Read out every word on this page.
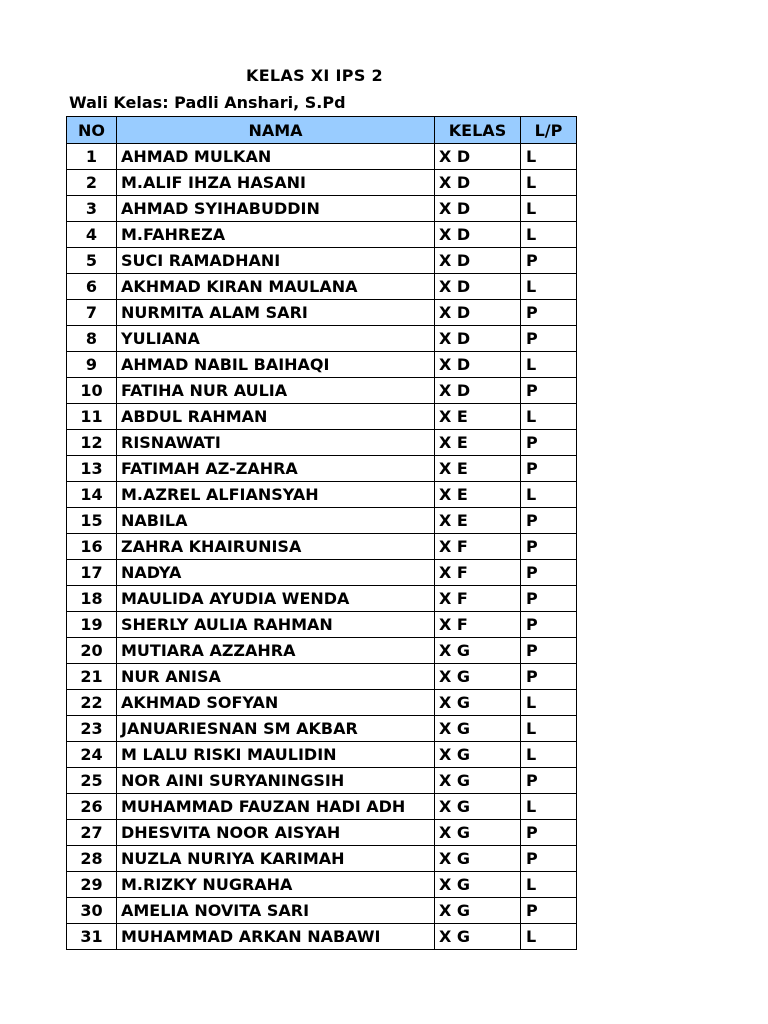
KELAS XI IPS 2
Wali Kelas: Padli Anshari, S.Pd
NO	NAMA	KELAS	L/P
1	AHMAD MULKAN	X D	L
2	M.ALIF IHZA HASANI	X D	L
3	AHMAD SYIHABUDDIN	X D	L
4	M.FAHREZA	X D	L
5	SUCI RAMADHANI	X D	P
6	AKHMAD KIRAN MAULANA	X D	L
7	NURMITA ALAM SARI	X D	P
8	YULIANA	X D	P
9	AHMAD NABIL BAIHAQI	X D	L
10	FATIHA NUR AULIA	X D	P
11	ABDUL RAHMAN	X E	L
12	RISNAWATI	X E	P
13	FATIMAH AZ-ZAHRA	X E	P
14	M.AZREL ALFIANSYAH	X E	L
15	NABILA	X E	P
16	ZAHRA KHAIRUNISA	X F	P
17	NADYA	X F	P
18	MAULIDA AYUDIA WENDA	X F	P
19	SHERLY AULIA RAHMAN	X F	P
20	MUTIARA AZZAHRA	X G	P
21	NUR ANISA	X G	P
22	AKHMAD SOFYAN	X G	L
23	JANUARIESNAN SM AKBAR	X G	L
24	M LALU RISKI MAULIDIN	X G	L
25	NOR AINI SURYANINGSIH	X G	P
26	MUHAMMAD FAUZAN HADI ADH	X G	L
27	DHESVITA NOOR AISYAH	X G	P
28	NUZLA NURIYA KARIMAH	X G	P
29	M.RIZKY NUGRAHA	X G	L
30	AMELIA NOVITA SARI	X G	P
31	MUHAMMAD ARKAN NABAWI	X G	L
